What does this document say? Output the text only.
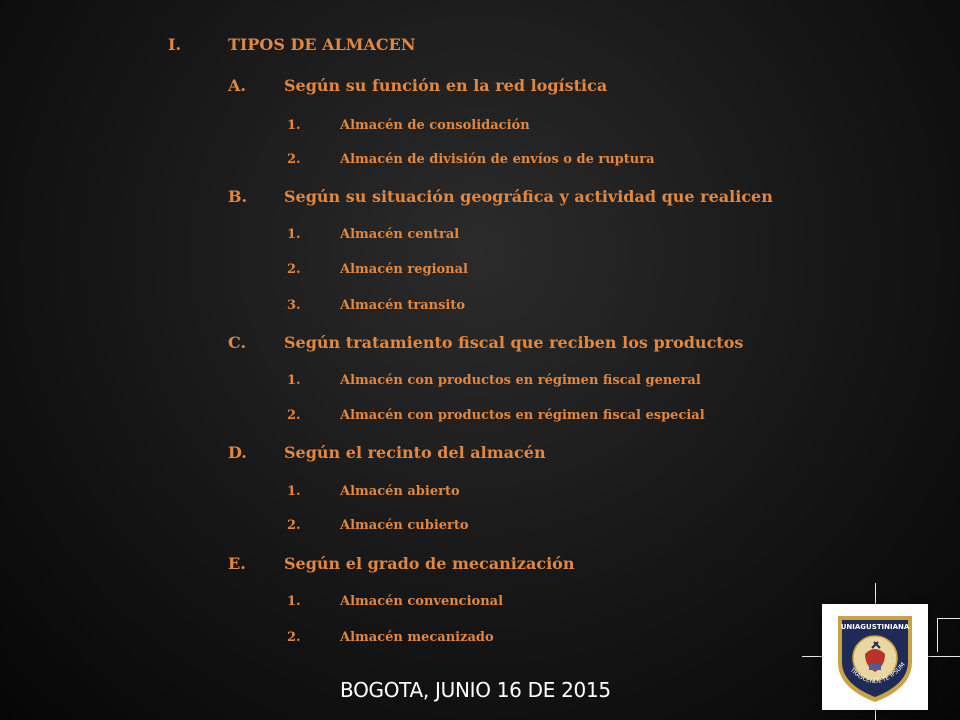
I.	TIPOS DE ALMACEN
A. Según su función en la red logística
1.	Almacén de consolidación
2.	Almacén de división de envíos o de ruptura
B. Según su situación geográfica y actividad que realicen
1.	Almacén central
2.	Almacén regional
3.	Almacén transito
C. Según tratamiento fiscal que reciben los productos
1.	Almacén con productos en régimen fiscal general
2.	Almacén con productos en régimen fiscal especial
D. Según el recinto del almacén
1.	Almacén abierto
2.	Almacén cubierto
E. Según el grado de mecanización
1.	Almacén convencional
2.	Almacén mecanizado
UNIAGUSTINIANA
TRASCENDE
TE IPSUM
BOGOTA, JUNIO 16 DE 2015
